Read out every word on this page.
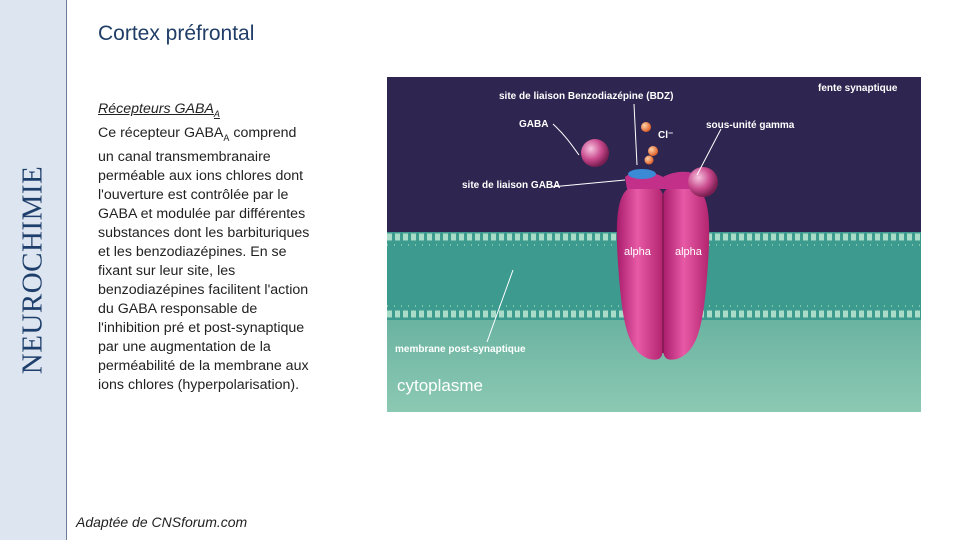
NEUROCHIMIE
Cortex préfrontal
Récepteurs $GABA_A$
Ce récepteur $GABA_A$ comprend
un canal transmembranaire
perméable aux ions chlores dont
l'ouverture est contrôlée par le
GABA et modulée par différentes
substances dont les barbituriques
et les benzodiazépines. En se
fixant sur leur site, les
benzodiazépines facilitent l'action
du GABA responsable de
l'inhibition pré et post-synaptique
par une augmentation de la
perméabilité de la membrane aux
ions chlores (hyperpolarisation).
fente synaptique
site de liaison Benzodiazépine (BDZ)
GABA
Cl⁻
sous-unité gamma
site de liaison GABA
alpha alpha
membrane post-synaptique
cytoplasme
Adaptée de CNSforum.com
